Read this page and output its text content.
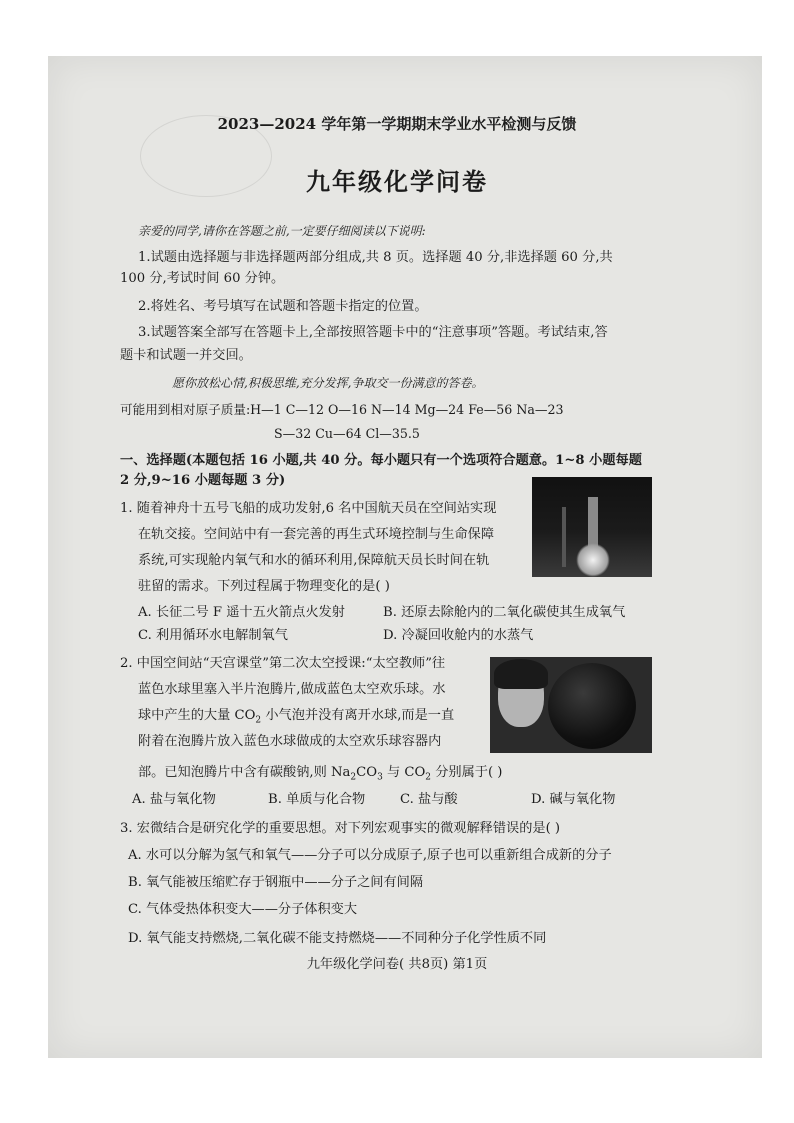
2023—2024 学年第一学期期末学业水平检测与反馈
九年级化学问卷
亲爱的同学,请你在答题之前,一定要仔细阅读以下说明:
1.试题由选择题与非选择题两部分组成,共 8 页。选择题 40 分,非选择题 60 分,共
100 分,考试时间 60 分钟。
2.将姓名、考号填写在试题和答题卡指定的位置。
3.试题答案全部写在答题卡上,全部按照答题卡中的“注意事项”答题。考试结束,答
题卡和试题一并交回。
愿你放松心情,积极思维,充分发挥,争取交一份满意的答卷。
可能用到相对原子质量:H—1 C—12 O—16 N—14 Mg—24 Fe—56 Na—23
S—32 Cu—64 Cl—35.5
一、选择题(本题包括 16 小题,共 40 分。每小题只有一个选项符合题意。1~8 小题每题
2 分,9~16 小题每题 3 分)
1. 随着神舟十五号飞船的成功发射,6 名中国航天员在空间站实现
在轨交接。空间站中有一套完善的再生式环境控制与生命保障
系统,可实现舱内氧气和水的循环利用,保障航天员长时间在轨
驻留的需求。下列过程属于物理变化的是( )
A. 长征二号 F 遥十五火箭点火发射	B. 还原去除舱内的二氧化碳使其生成氧气
C. 利用循环水电解制氧气	D. 冷凝回收舱内的水蒸气
2. 中国空间站“天宫课堂”第二次太空授课:“太空教师”往
蓝色水球里塞入半片泡腾片,做成蓝色太空欢乐球。水
球中产生的大量 $CO_2$ 小气泡并没有离开水球,而是一直
附着在泡腾片放入蓝色水球做成的太空欢乐球容器内
部。已知泡腾片中含有碳酸钠,则 $Na_2CO_3$ 与 $CO_2$ 分别属于( )
A. 盐与氧化物	B. 单质与化合物	C. 盐与酸	D. 碱与氧化物
3. 宏微结合是研究化学的重要思想。对下列宏观事实的微观解释错误的是( )
A. 水可以分解为氢气和氧气——分子可以分成原子,原子也可以重新组合成新的分子
B. 氧气能被压缩贮存于钢瓶中——分子之间有间隔
C. 气体受热体积变大——分子体积变大
D. 氧气能支持燃烧,二氧化碳不能支持燃烧——不同种分子化学性质不同
九年级化学问卷( 共8页) 第1页
